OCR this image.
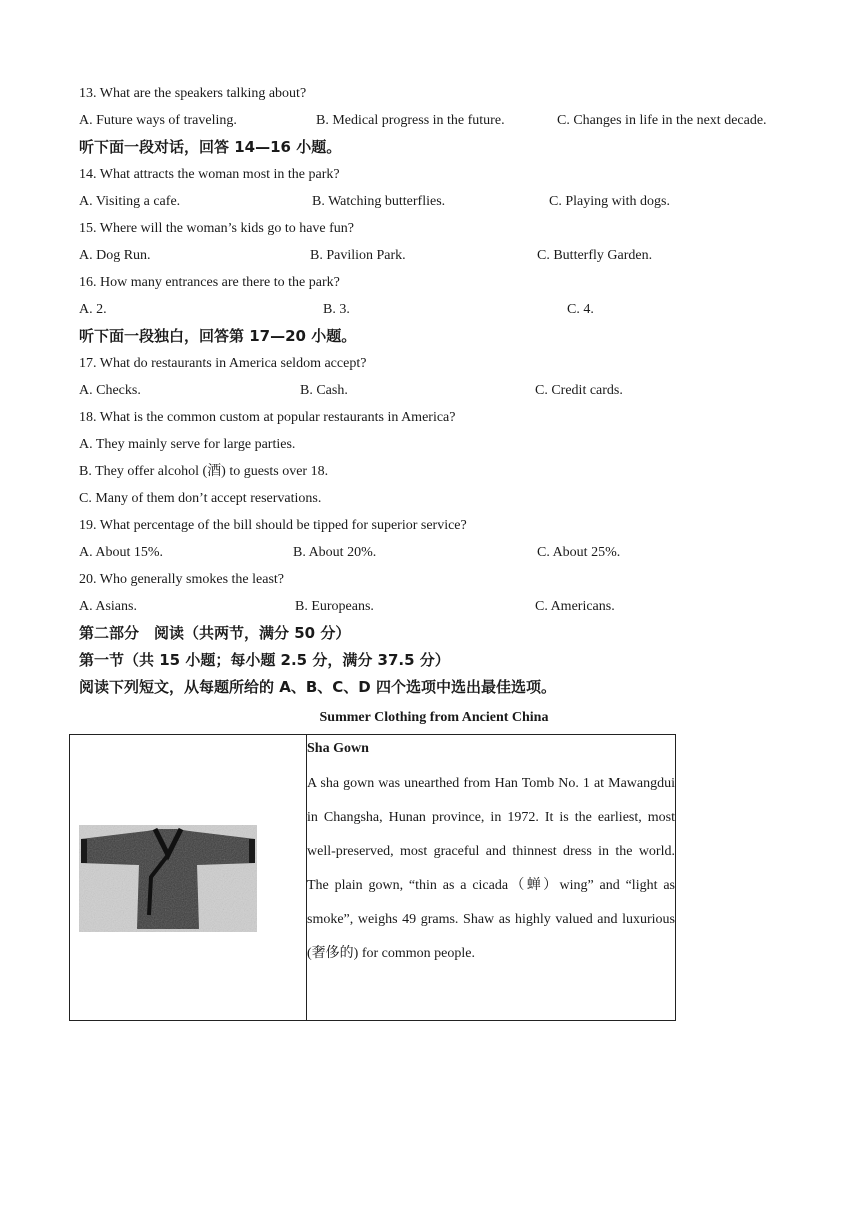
13. What are the speakers talking about?
A. Future ways of traveling.	B. Medical progress in the future.	C. Changes in life in the next decade.
听下面一段对话，回答 14—16 小题。
14. What attracts the woman most in the park?
A. Visiting a cafe.	B. Watching butterflies.	C. Playing with dogs.
15. Where will the woman’s kids go to have fun?
A. Dog Run.	B. Pavilion Park.	C. Butterfly Garden.
16. How many entrances are there to the park?
A. 2.	B. 3.	C. 4.
听下面一段独白，回答第 17—20 小题。
17. What do restaurants in America seldom accept?
A. Checks.	B. Cash.	C. Credit cards.
18. What is the common custom at popular restaurants in America?
A. They mainly serve for large parties.
B. They offer alcohol (酒) to guests over 18.
C. Many of them don’t accept reservations.
19. What percentage of the bill should be tipped for superior service?
A. About 15%.	B. About 20%.	C. About 25%.
20. Who generally smokes the least?
A. Asians.	B. Europeans.	C. Americans.
第二部分　阅读（共两节，满分 50 分）
第一节（共 15 小题；每小题 2.5 分，满分 37.5 分）
阅读下列短文，从每题所给的 A、B、C、D 四个选项中选出最佳选项。
Summer Clothing from Ancient China

Sha Gown
A sha gown was unearthed from Han Tomb No. 1 at Mawangdui in Changsha, Hunan province, in 1972. It is the earliest, most well-preserved, most graceful and thinnest dress in the world. The plain gown, “thin as a cicada（蝉）wing” and “light as smoke”, weighs 49 grams. Shaw as highly valued and luxurious (奢侈的) for common people.
